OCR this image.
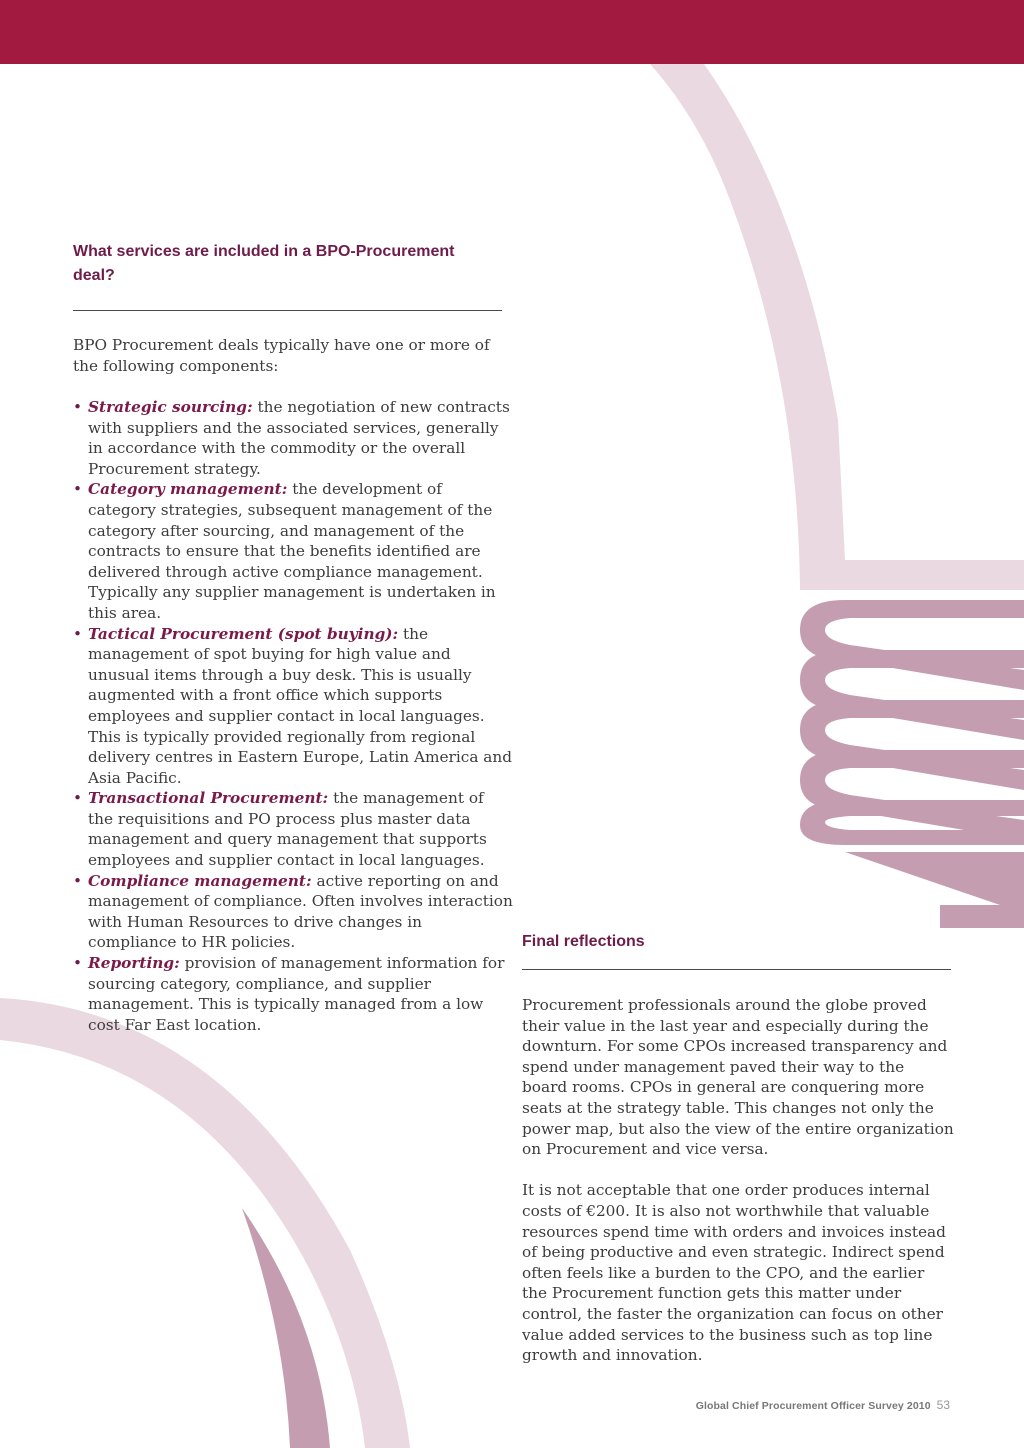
What services are included in a BPO-Procurement deal?

BPO Procurement deals typically have one or more of the following components:

• Strategic sourcing: the negotiation of new contracts with suppliers and the associated services, generally in accordance with the commodity or the overall Procurement strategy.
• Category management: the development of category strategies, subsequent management of the category after sourcing, and management of the contracts to ensure that the benefits identified are delivered through active compliance management. Typically any supplier management is undertaken in this area.
• Tactical Procurement (spot buying): the management of spot buying for high value and unusual items through a buy desk. This is usually augmented with a front office which supports employees and supplier contact in local languages.
This is typically provided regionally from regional delivery centres in Eastern Europe, Latin America and Asia Pacific.
• Transactional Procurement: the management of the requisitions and PO process plus master data management and query management that supports employees and supplier contact in local languages.
• Compliance management: active reporting on and management of compliance. Often involves interaction with Human Resources to drive changes in compliance to HR policies.
• Reporting: provision of management information for sourcing category, compliance, and supplier management. This is typically managed from a low cost Far East location.
Final reflections

Procurement professionals around the globe proved their value in the last year and especially during the downturn. For some CPOs increased transparency and spend under management paved their way to the board rooms. CPOs in general are conquering more seats at the strategy table. This changes not only the power map, but also the view of the entire organization on Procurement and vice versa.

It is not acceptable that one order produces internal costs of €200. It is also not worthwhile that valuable resources spend time with orders and invoices instead of being productive and even strategic. Indirect spend often feels like a burden to the CPO, and the earlier the Procurement function gets this matter under control, the faster the organization can focus on other value added services to the business such as top line growth and innovation.

Global Chief Procurement Officer Survey 2010 53
